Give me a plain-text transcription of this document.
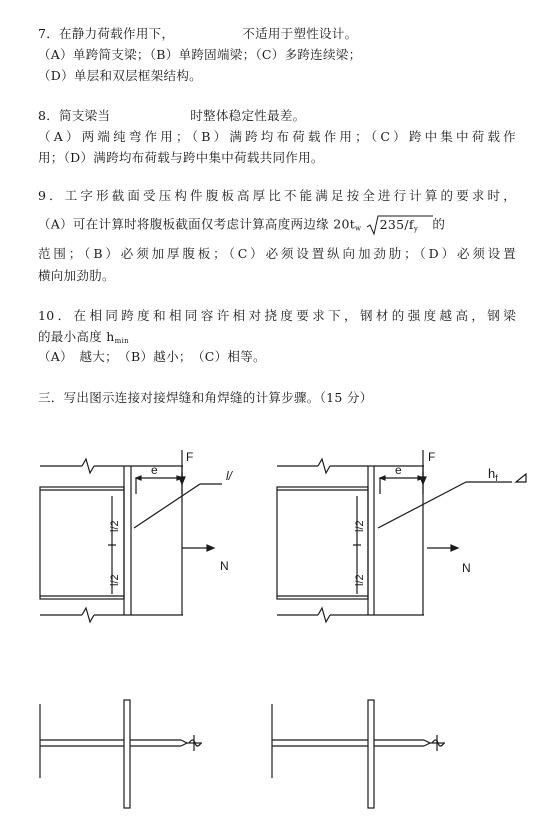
7．在静力荷载作用下，	不适用于塑性设计。
（A）单跨简支梁；（B）单跨固端梁；（C）多跨连续梁；
（D）单层和双层框架结构。
8．简支梁当	时整体稳定性最差。
（A）两端纯弯作用；（B）满跨均布荷载作用；（C）跨中集中荷载作
用；（D）满跨均布荷载与跨中集中荷载共同作用。
9．工字形截面受压构件腹板高厚比不能满足按全进行计算的要求时，
（A）可在计算时将腹板截面仅考虑计算高度两边缘 $20t_w$ $235/f_y$ 的
范围；（B）必须加厚腹板；（C）必须设置纵向加劲肋；（D）必须设置
横向加劲肋。
10．在相同跨度和相同容许相对挠度要求下，钢材的强度越高，钢梁
的最小高度 $h_{min}$
（A）　越大；　（B）越小；　（C）相等。
三．写出图示连接对接焊缝和角焊缝的计算步骤。（15 分）
e
F
l/
N
l/2
l/2
e
F
$h_f$
N
l/2
l/2
